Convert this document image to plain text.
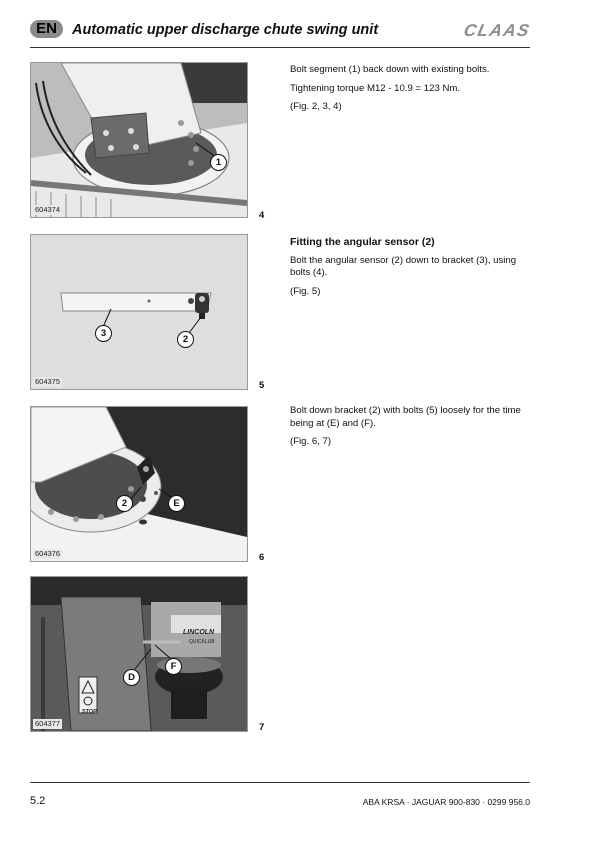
EN	Automatic upper discharge chute swing unit	CLAAS
1
604374
4

Bolt segment (1) back down with existing bolts.

Tightening torque M12 - 10.9 = 123 Nm.

(Fig. 2, 3, 4)

3
2
604375	5
Fitting the angular sensor (2)

Bolt the angular sensor (2) down to bracket (3), using bolts (4).

(Fig. 5)

2	E
604376	6

Bolt down bracket (2) with bolts (5) loosely for the time being at (E) and (F).

(Fig. 6, 7)

LINCOLN
QUICKLUB
STOP
F
D
604377	7
5.2	ABA KRSA · JAGUAR 900-830 · 0299 956.0
